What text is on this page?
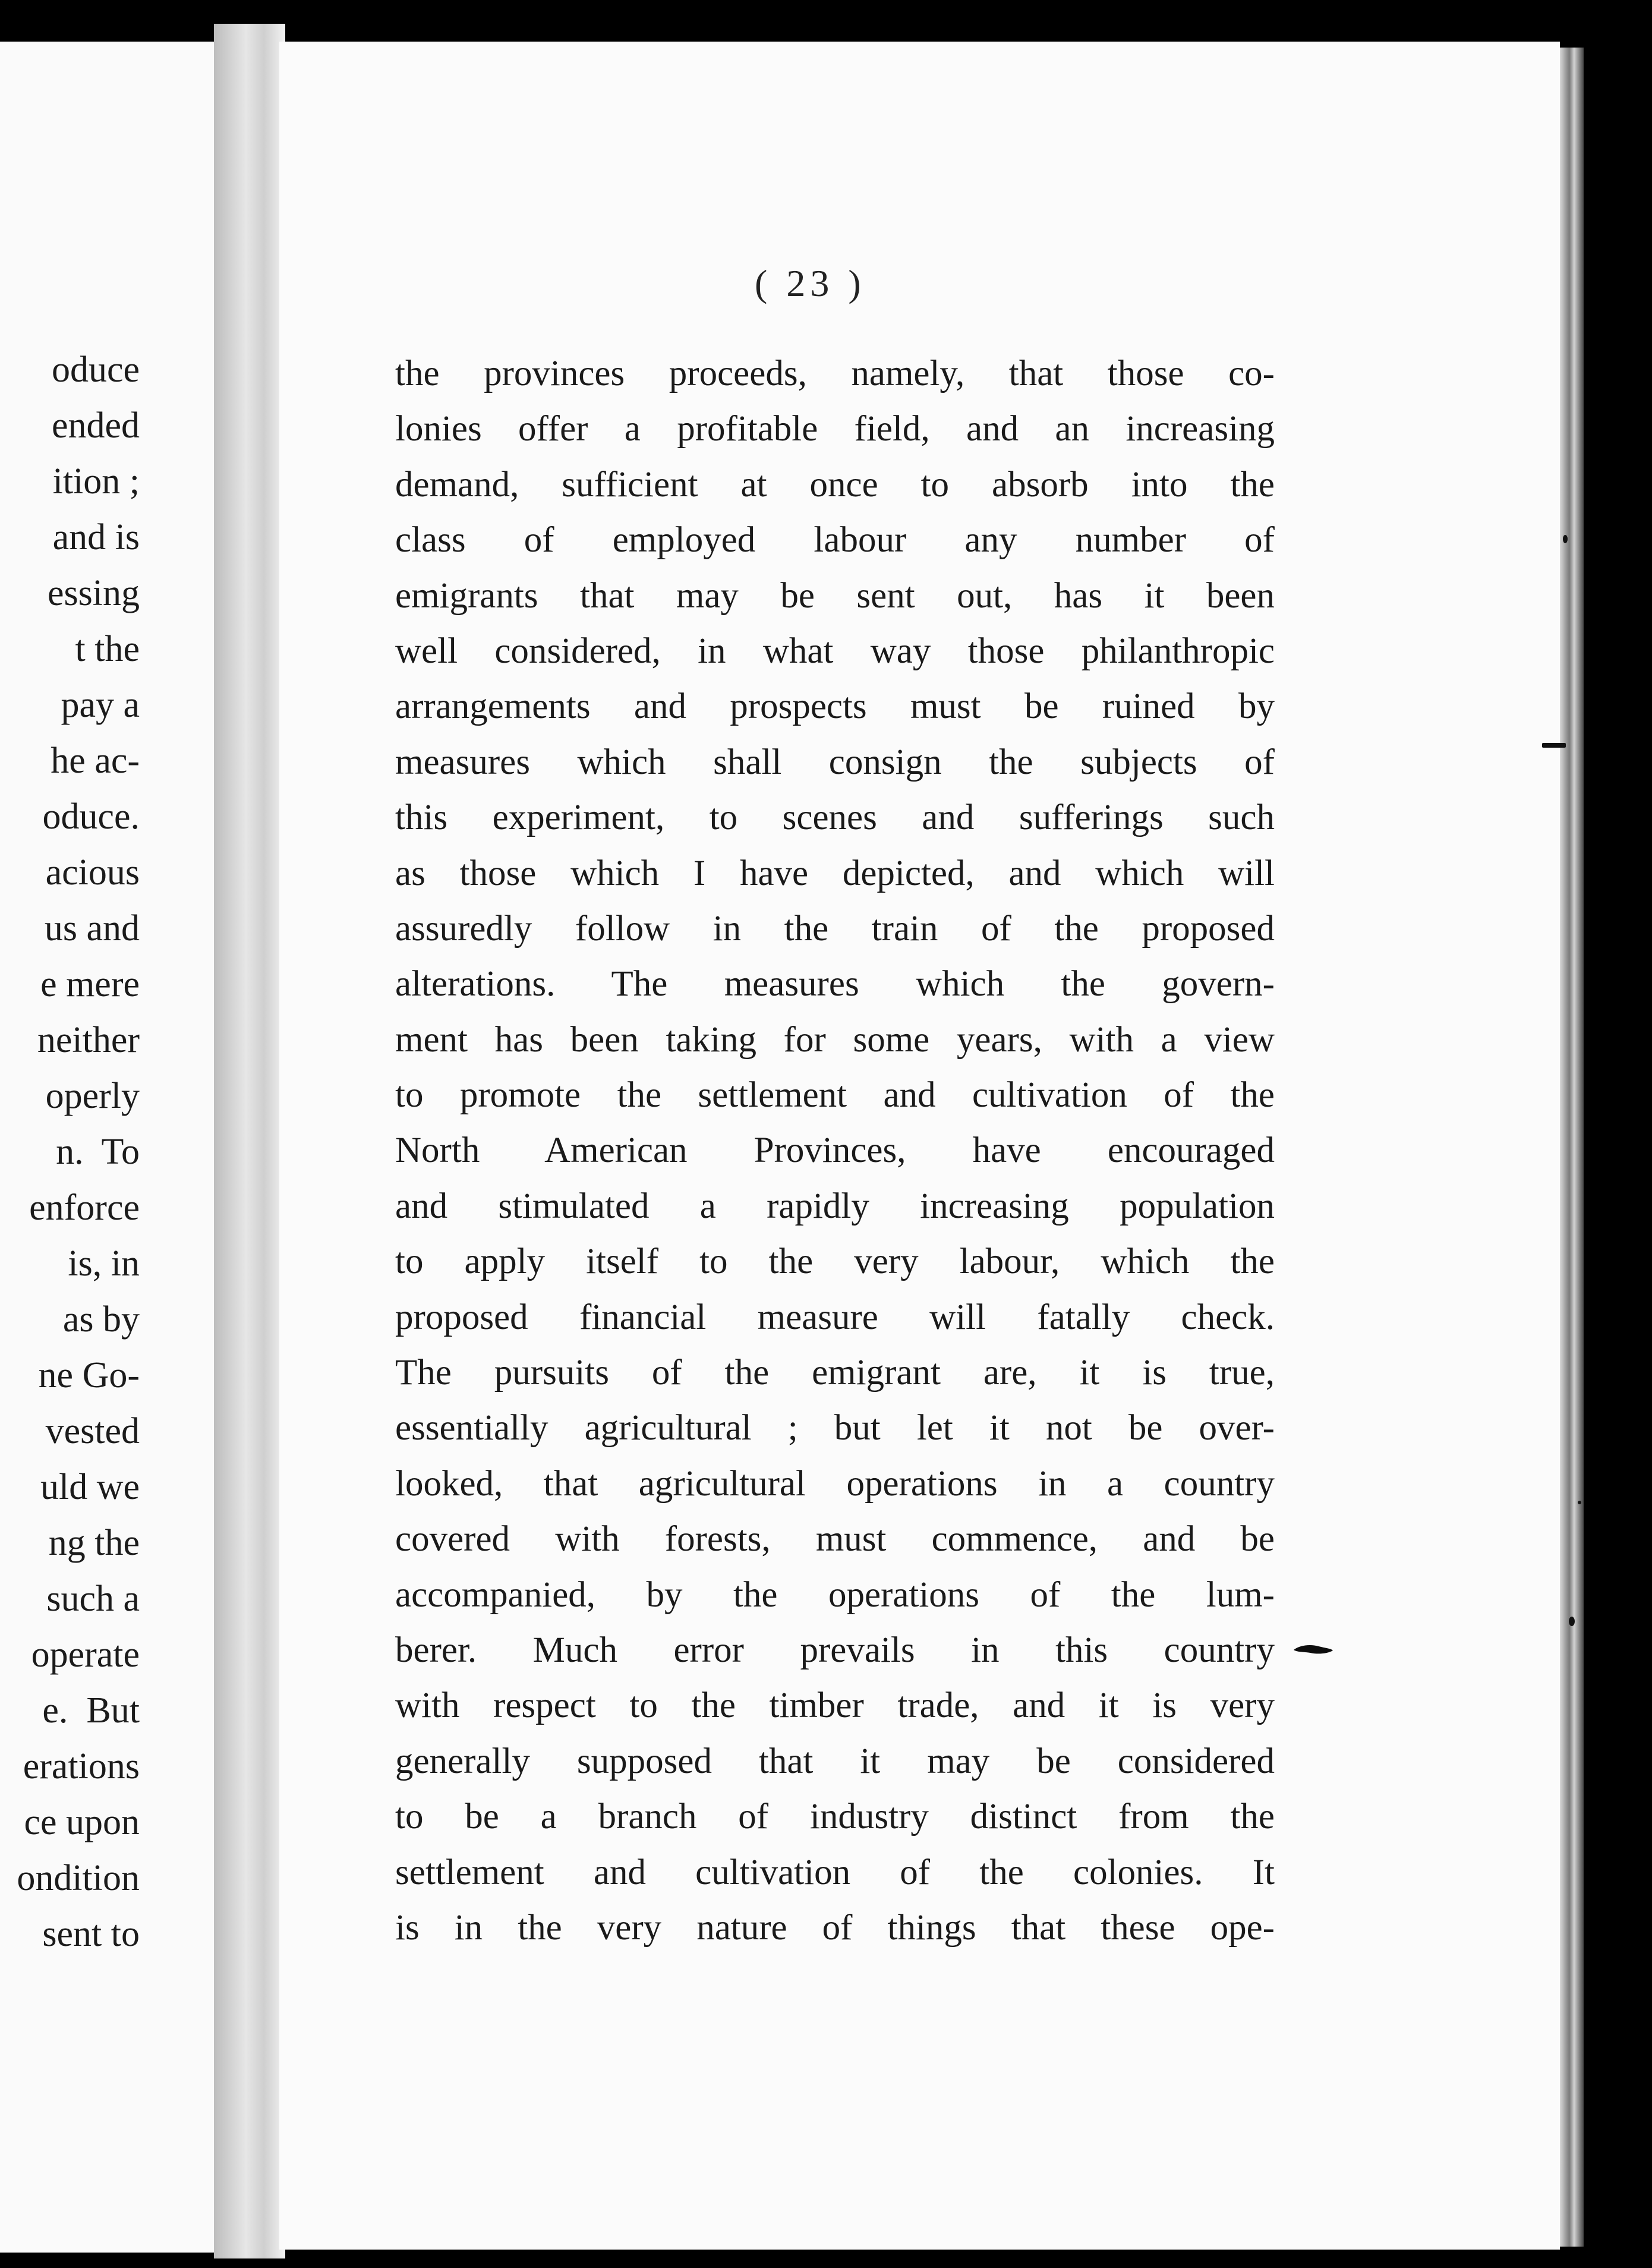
oduce
ended
ition ;
and is
essing
t the
pay a
he ac-
oduce.
acious
us and
e mere
neither
operly
n.  To
enforce
is, in
as by
ne Go-
vested
uld we
ng the
such a
operate
e.  But
erations
ce upon
ondition
sent to
( 23 )
the provinces proceeds, namely, that those co-
lonies offer a profitable field, and an increasing
demand, sufficient at once to absorb into the
class of employed labour any number of
emigrants that may be sent out, has it been
well considered, in what way those philanthropic
arrangements and prospects must be ruined by
measures which shall consign the subjects of
this experiment, to scenes and sufferings such
as those which I have depicted, and which will
assuredly follow in the train of the proposed
alterations. The measures which the govern-
ment has been taking for some years, with a view
to promote the settlement and cultivation of the
North American Provinces, have encouraged
and stimulated a rapidly increasing population
to apply itself to the very labour, which the
proposed financial measure will fatally check.
The pursuits of the emigrant are, it is true,
essentially agricultural ; but let it not be over-
looked, that agricultural operations in a country
covered with forests, must commence, and be
accompanied, by the operations of the lum-
berer. Much error prevails in this country
with respect to the timber trade, and it is very
generally supposed that it may be considered
to be a branch of industry distinct from the
settlement and cultivation of the colonies. It
is in the very nature of things that these ope-
